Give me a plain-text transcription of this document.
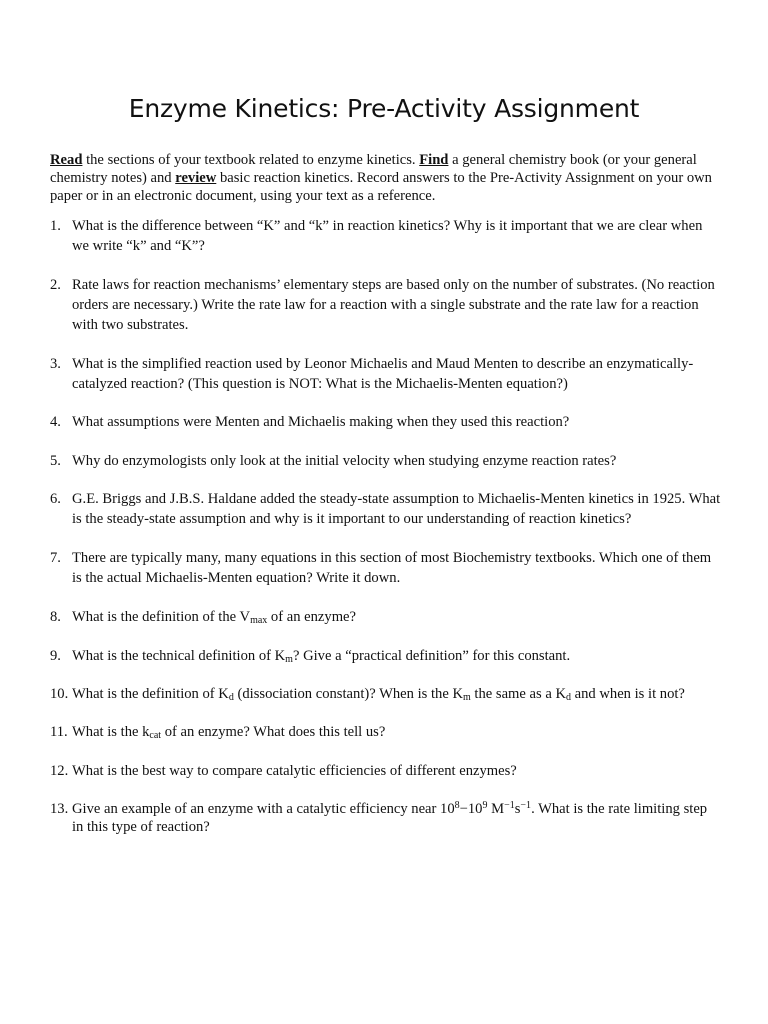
Enzyme Kinetics: Pre-Activity Assignment
Read the sections of your textbook related to enzyme kinetics. Find a general chemistry book (or your general chemistry notes) and review basic reaction kinetics. Record answers to the Pre-Activity Assignment on your own paper or in an electronic document, using your text as a reference.
1. What is the difference between “K” and “k” in reaction kinetics? Why is it important that we are clear when we write “k” and “K”?
2. Rate laws for reaction mechanisms’ elementary steps are based only on the number of substrates. (No reaction orders are necessary.) Write the rate law for a reaction with a single substrate and the rate law for a reaction with two substrates.
3. What is the simplified reaction used by Leonor Michaelis and Maud Menten to describe an enzymatically-catalyzed reaction? (This question is NOT: What is the Michaelis-Menten equation?)
4. What assumptions were Menten and Michaelis making when they used this reaction?
5. Why do enzymologists only look at the initial velocity when studying enzyme reaction rates?
6. G.E. Briggs and J.B.S. Haldane added the steady-state assumption to Michaelis-Menten kinetics in 1925. What is the steady-state assumption and why is it important to our understanding of reaction kinetics?
7. There are typically many, many equations in this section of most Biochemistry textbooks. Which one of them is the actual Michaelis-Menten equation? Write it down.
8. What is the definition of the $V_{max}$ of an enzyme?
9. What is the technical definition of $K_m$? Give a “practical definition” for this constant.
10. What is the definition of $K_d$ (dissociation constant)? When is the $K_m$ the same as a $K_d$ and when is it not?
11. What is the $k_{cat}$ of an enzyme? What does this tell us?
12. What is the best way to compare catalytic efficiencies of different enzymes?
13. Give an example of an enzyme with a catalytic efficiency near $10^8-10^9$ $M^{-1}s^{-1}$. What is the rate limiting step in this type of reaction?
